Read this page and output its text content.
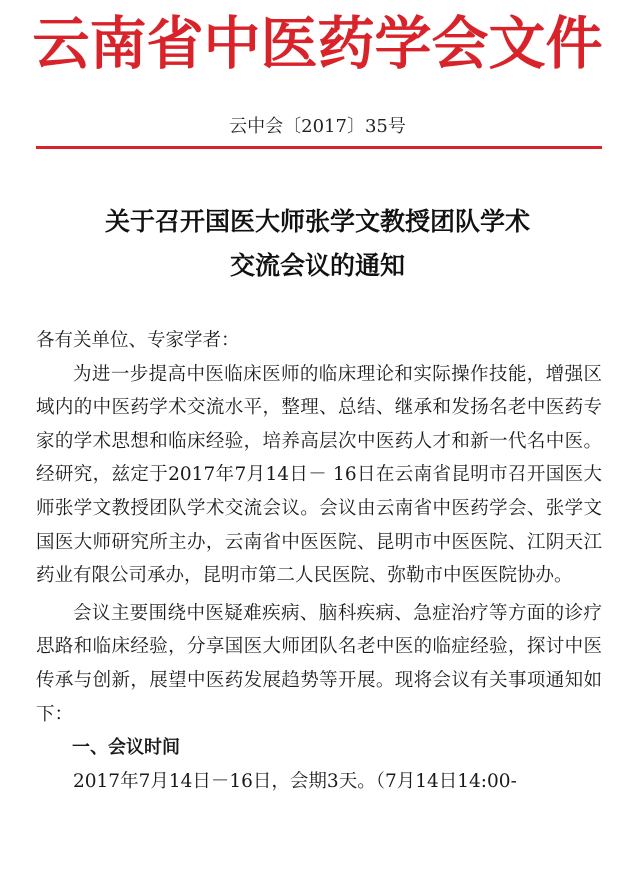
云南省中医药学会文件
云中会〔2017〕35号
关于召开国医大师张学文教授团队学术
交流会议的通知

各有关单位、专家学者：

为进一步提高中医临床医师的临床理论和实际操作技能，增强区域内的中医药学术交流水平，整理、总结、继承和发扬名老中医药专家的学术思想和临床经验，培养高层次中医药人才和新一代名中医。经研究，兹定于2017年7月14日－ 16日在云南省昆明市召开国医大师张学文教授团队学术交流会议。会议由云南省中医药学会、张学文国医大师研究所主办，云南省中医医院、昆明市中医医院、江阴天江药业有限公司承办，昆明市第二人民医院、弥勒市中医医院协办。

会议主要围绕中医疑难疾病、脑科疾病、急症治疗等方面的诊疗思路和临床经验，分享国医大师团队名老中医的临症经验，探讨中医传承与创新，展望中医药发展趋势等开展。现将会议有关事项通知如下：

一、会议时间

2017年7月14日－16日，会期3天。（7月14日14:00-
